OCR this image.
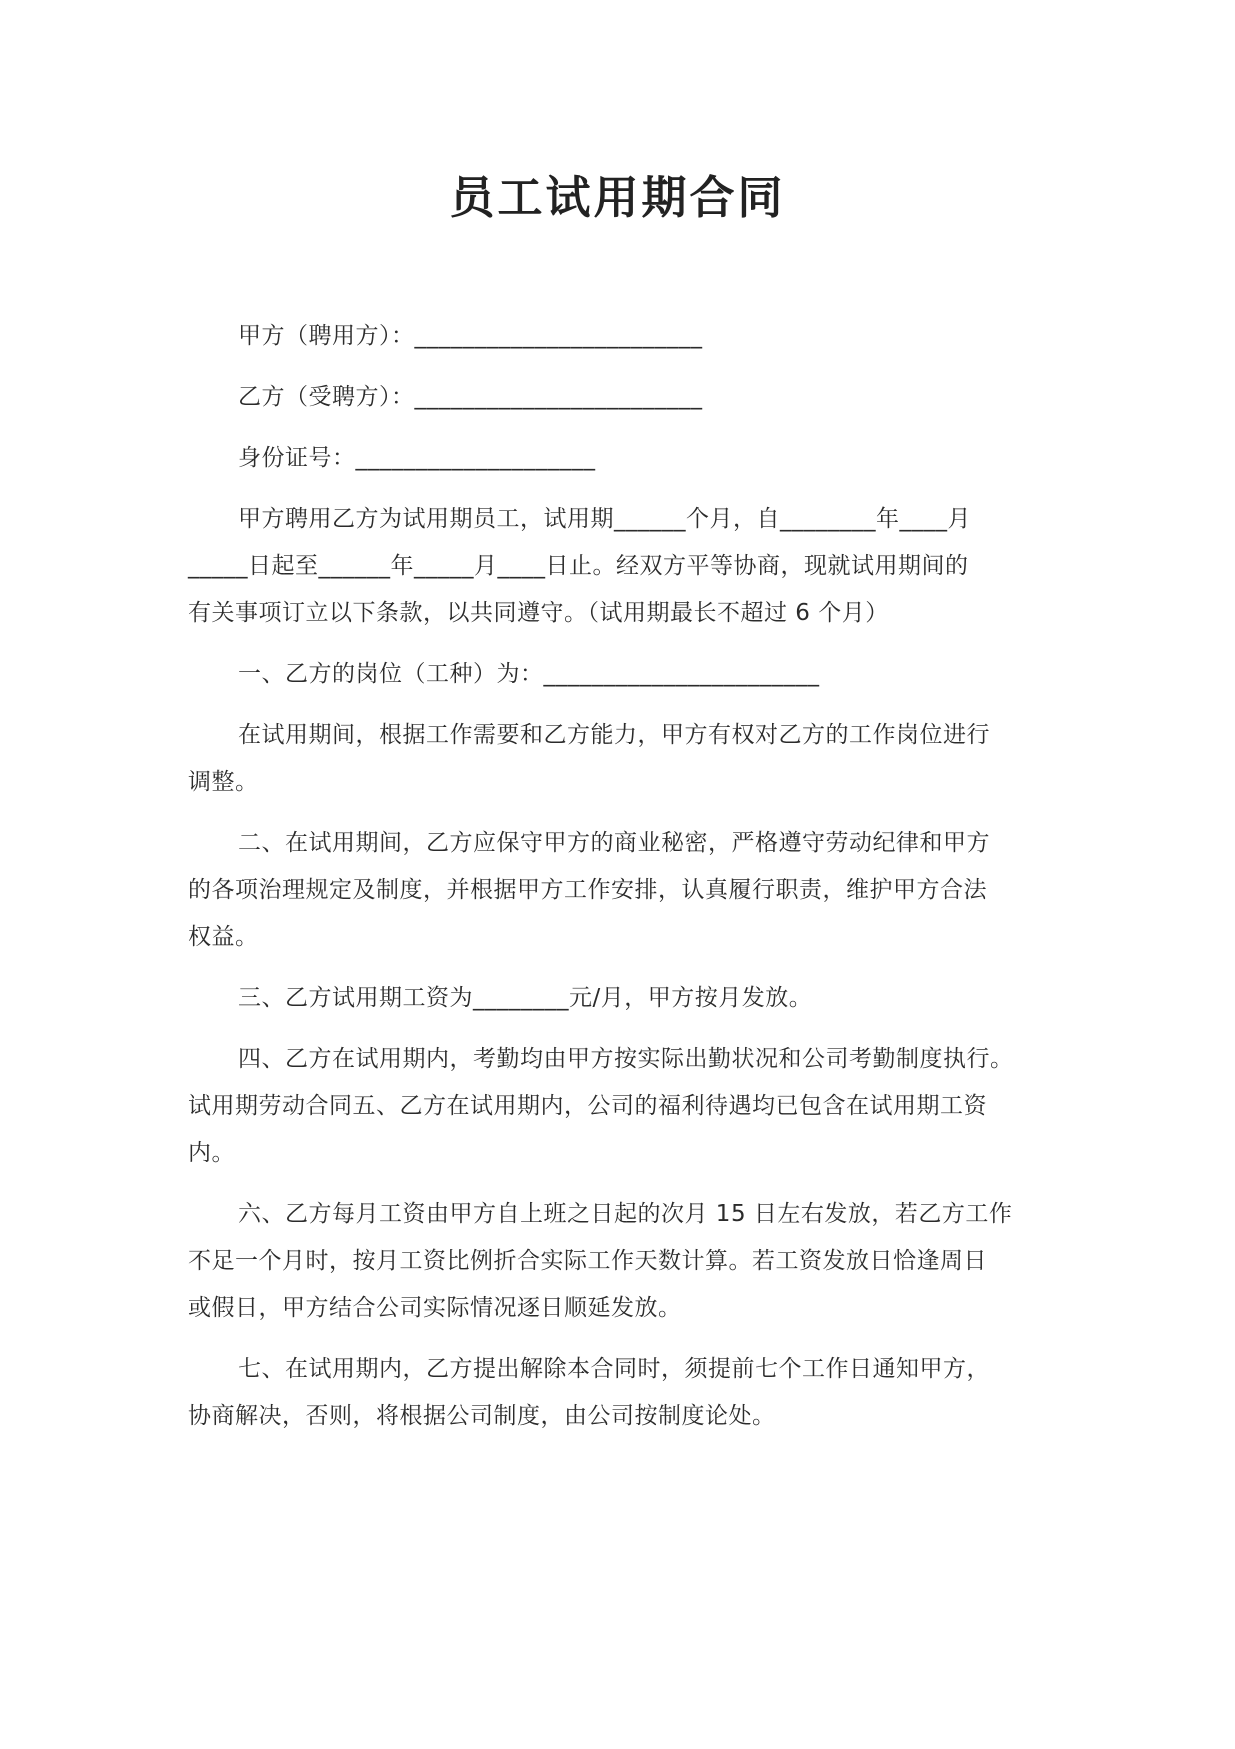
员工试用期合同
甲方（聘用方）：________________________
乙方（受聘方）：________________________
身份证号：____________________
甲方聘用乙方为试用期员工，试用期______个月，自________年____月
_____日起至______年_____月____日止。经双方平等协商，现就试用期间的
有关事项订立以下条款，以共同遵守。（试用期最长不超过 6 个月）
一、乙方的岗位（工种）为：_______________________
在试用期间，根据工作需要和乙方能力，甲方有权对乙方的工作岗位进行
调整。
二、在试用期间，乙方应保守甲方的商业秘密，严格遵守劳动纪律和甲方
的各项治理规定及制度，并根据甲方工作安排，认真履行职责，维护甲方合法
权益。
三、乙方试用期工资为________元/月，甲方按月发放。
四、乙方在试用期内，考勤均由甲方按实际出勤状况和公司考勤制度执行。
试用期劳动合同五、乙方在试用期内，公司的福利待遇均已包含在试用期工资
内。
六、乙方每月工资由甲方自上班之日起的次月 15 日左右发放，若乙方工作
不足一个月时，按月工资比例折合实际工作天数计算。若工资发放日恰逢周日
或假日，甲方结合公司实际情况逐日顺延发放。
七、在试用期内，乙方提出解除本合同时，须提前七个工作日通知甲方，
协商解决，否则，将根据公司制度，由公司按制度论处。
